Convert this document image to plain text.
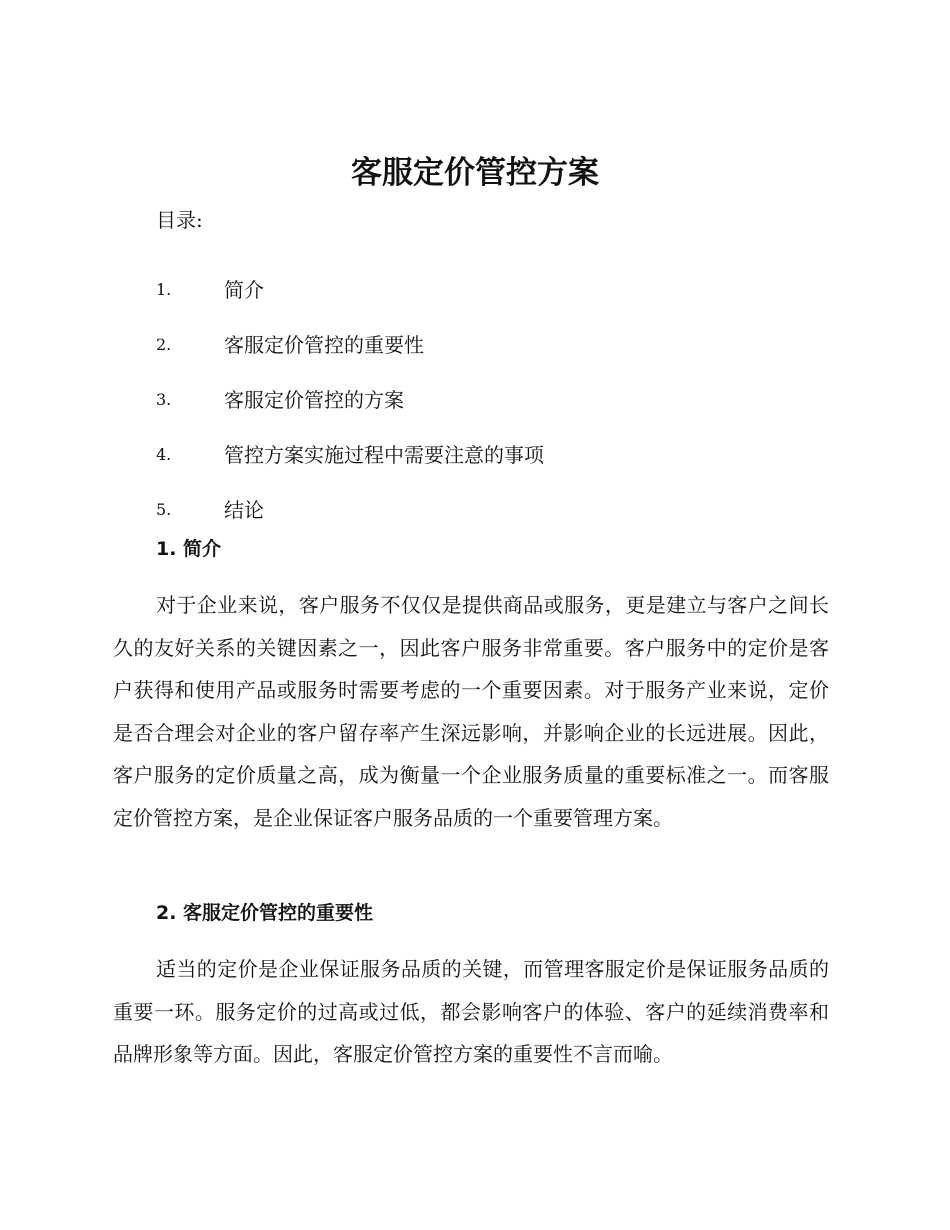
客服定价管控方案

目录:

1.	简介
2.	客服定价管控的重要性
3.	客服定价管控的方案
4.	管控方案实施过程中需要注意的事项
5.	结论
1. 简介

对于企业来说，客户服务不仅仅是提供商品或服务，更是建立与客户之间长久的友好关系的关键因素之一，因此客户服务非常重要。客户服务中的定价是客户获得和使用产品或服务时需要考虑的一个重要因素。对于服务产业来说，定价是否合理会对企业的客户留存率产生深远影响，并影响企业的长远进展。因此，客户服务的定价质量之高，成为衡量一个企业服务质量的重要标准之一。而客服定价管控方案，是企业保证客户服务品质的一个重要管理方案。

2. 客服定价管控的重要性

适当的定价是企业保证服务品质的关键，而管理客服定价是保证服务品质的重要一环。服务定价的过高或过低，都会影响客户的体验、客户的延续消费率和品牌形象等方面。因此，客服定价管控方案的重要性不言而喻。
